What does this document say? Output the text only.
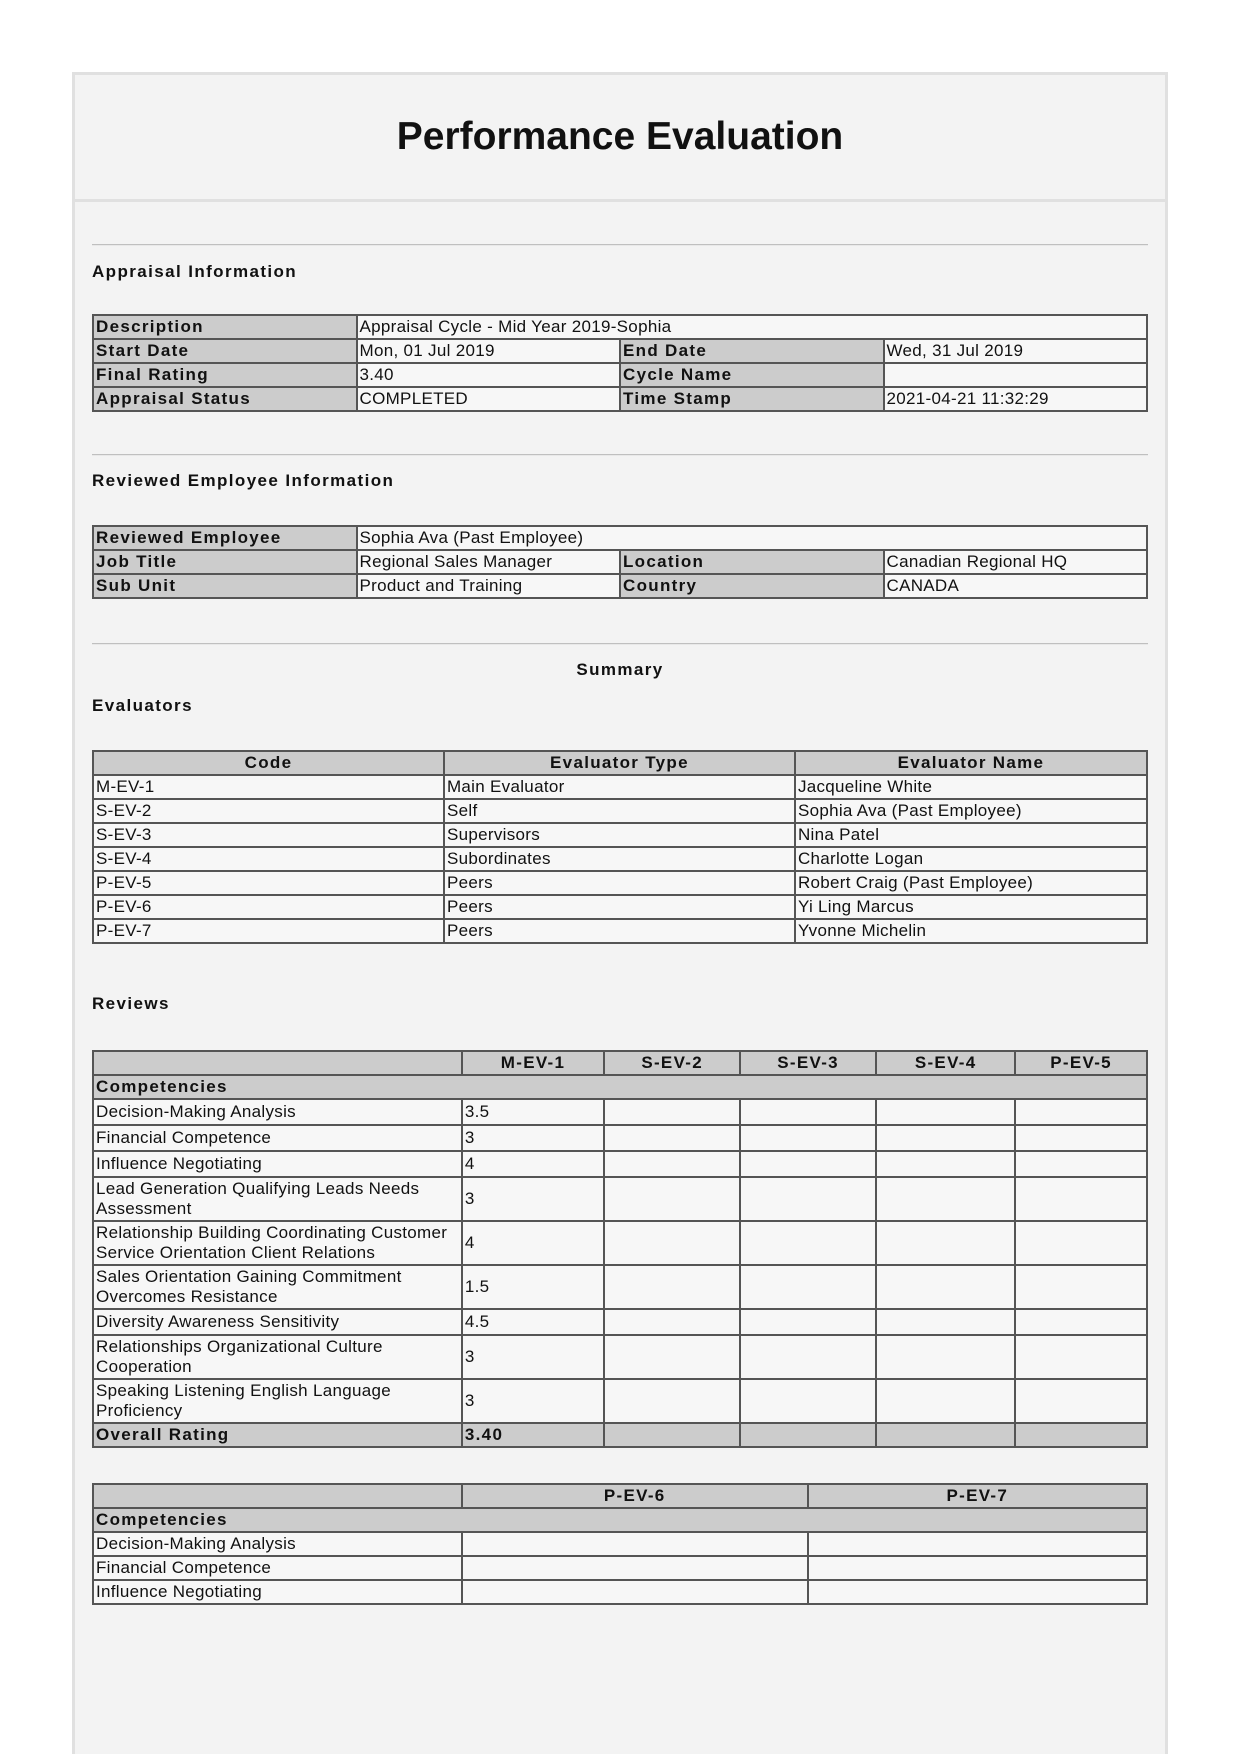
Performance Evaluation

Appraisal Information

Description	Appraisal Cycle - Mid Year 2019-Sophia		
Start Date	Mon, 01 Jul 2019	End Date	Wed, 31 Jul 2019
Final Rating	3.40	Cycle Name	
Appraisal Status	COMPLETED	Time Stamp	2021-04-21 11:32:29

Reviewed Employee Information

Reviewed Employee	Sophia Ava (Past Employee)		
Job Title	Regional Sales Manager	Location	Canadian Regional HQ
Sub Unit	Product and Training	Country	CANADA

Summary

Evaluators

Code	Evaluator Type	Evaluator Name
M-EV-1	Main Evaluator	Jacqueline White
S-EV-2	Self	Sophia Ava (Past Employee)
S-EV-3	Supervisors	Nina Patel
S-EV-4	Subordinates	Charlotte Logan
P-EV-5	Peers	Robert Craig (Past Employee)
P-EV-6	Peers	Yi Ling Marcus
P-EV-7	Peers	Yvonne Michelin

Reviews

	M-EV-1	S-EV-2	S-EV-3	S-EV-4	P-EV-5
Competencies					
Decision-Making Analysis	3.5				
Financial Competence	3				
Influence Negotiating	4				
Lead Generation Qualifying Leads Needs Assessment	3				
Relationship Building Coordinating Customer Service Orientation Client Relations	4				
Sales Orientation Gaining Commitment Overcomes Resistance	1.5				
Diversity Awareness Sensitivity	4.5				
Relationships Organizational Culture Cooperation	3				
Speaking Listening English Language Proficiency	3				
Overall Rating	3.40				
	P-EV-6	P-EV-7
Competencies		
Decision-Making Analysis		
Financial Competence		
Influence Negotiating		
